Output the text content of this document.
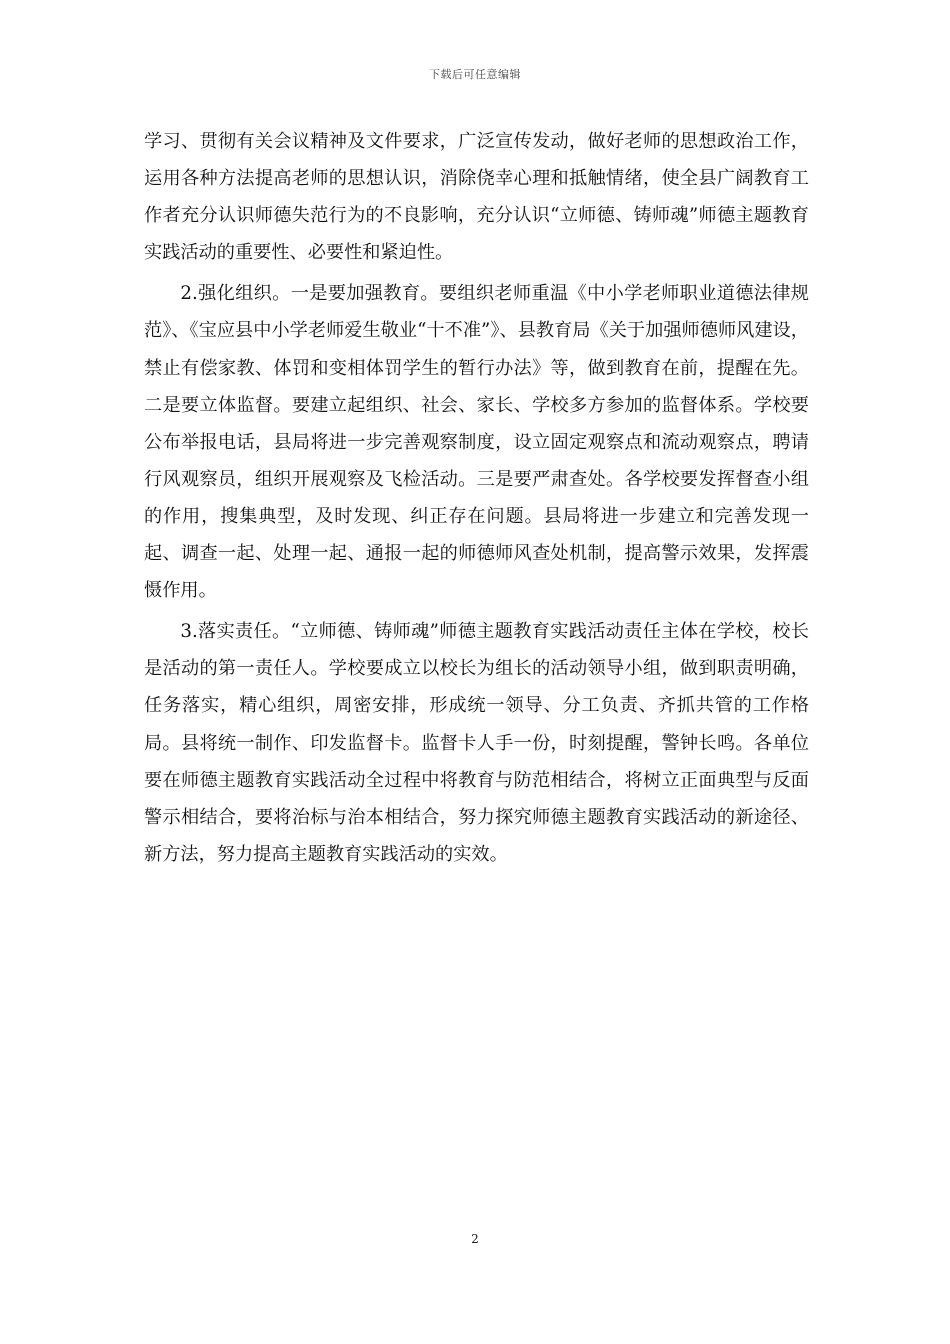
下载后可任意编辑

学习、贯彻有关会议精神及文件要求，广泛宣传发动，做好老师的思想政治工作，运用各种方法提高老师的思想认识，消除侥幸心理和抵触情绪，使全县广阔教育工作者充分认识师德失范行为的不良影响，充分认识“立师德、铸师魂”师德主题教育实践活动的重要性、必要性和紧迫性。

2.强化组织。一是要加强教育。要组织老师重温《中小学老师职业道德法律规范》、《宝应县中小学老师爱生敬业“十不准”》、县教育局《关于加强师德师风建设，禁止有偿家教、体罚和变相体罚学生的暂行办法》等，做到教育在前，提醒在先。二是要立体监督。要建立起组织、社会、家长、学校多方参加的监督体系。学校要公布举报电话，县局将进一步完善观察制度，设立固定观察点和流动观察点，聘请行风观察员，组织开展观察及飞检活动。三是要严肃查处。各学校要发挥督查小组的作用，搜集典型，及时发现、纠正存在问题。县局将进一步建立和完善发现一起、调查一起、处理一起、通报一起的师德师风查处机制，提高警示效果，发挥震慑作用。

3.落实责任。“立师德、铸师魂”师德主题教育实践活动责任主体在学校，校长是活动的第一责任人。学校要成立以校长为组长的活动领导小组，做到职责明确，任务落实，精心组织，周密安排，形成统一领导、分工负责、齐抓共管的工作格局。县将统一制作、印发监督卡。监督卡人手一份，时刻提醒，警钟长鸣。各单位要在师德主题教育实践活动全过程中将教育与防范相结合，将树立正面典型与反面警示相结合，要将治标与治本相结合，努力探究师德主题教育实践活动的新途径、新方法，努力提高主题教育实践活动的实效。

2
